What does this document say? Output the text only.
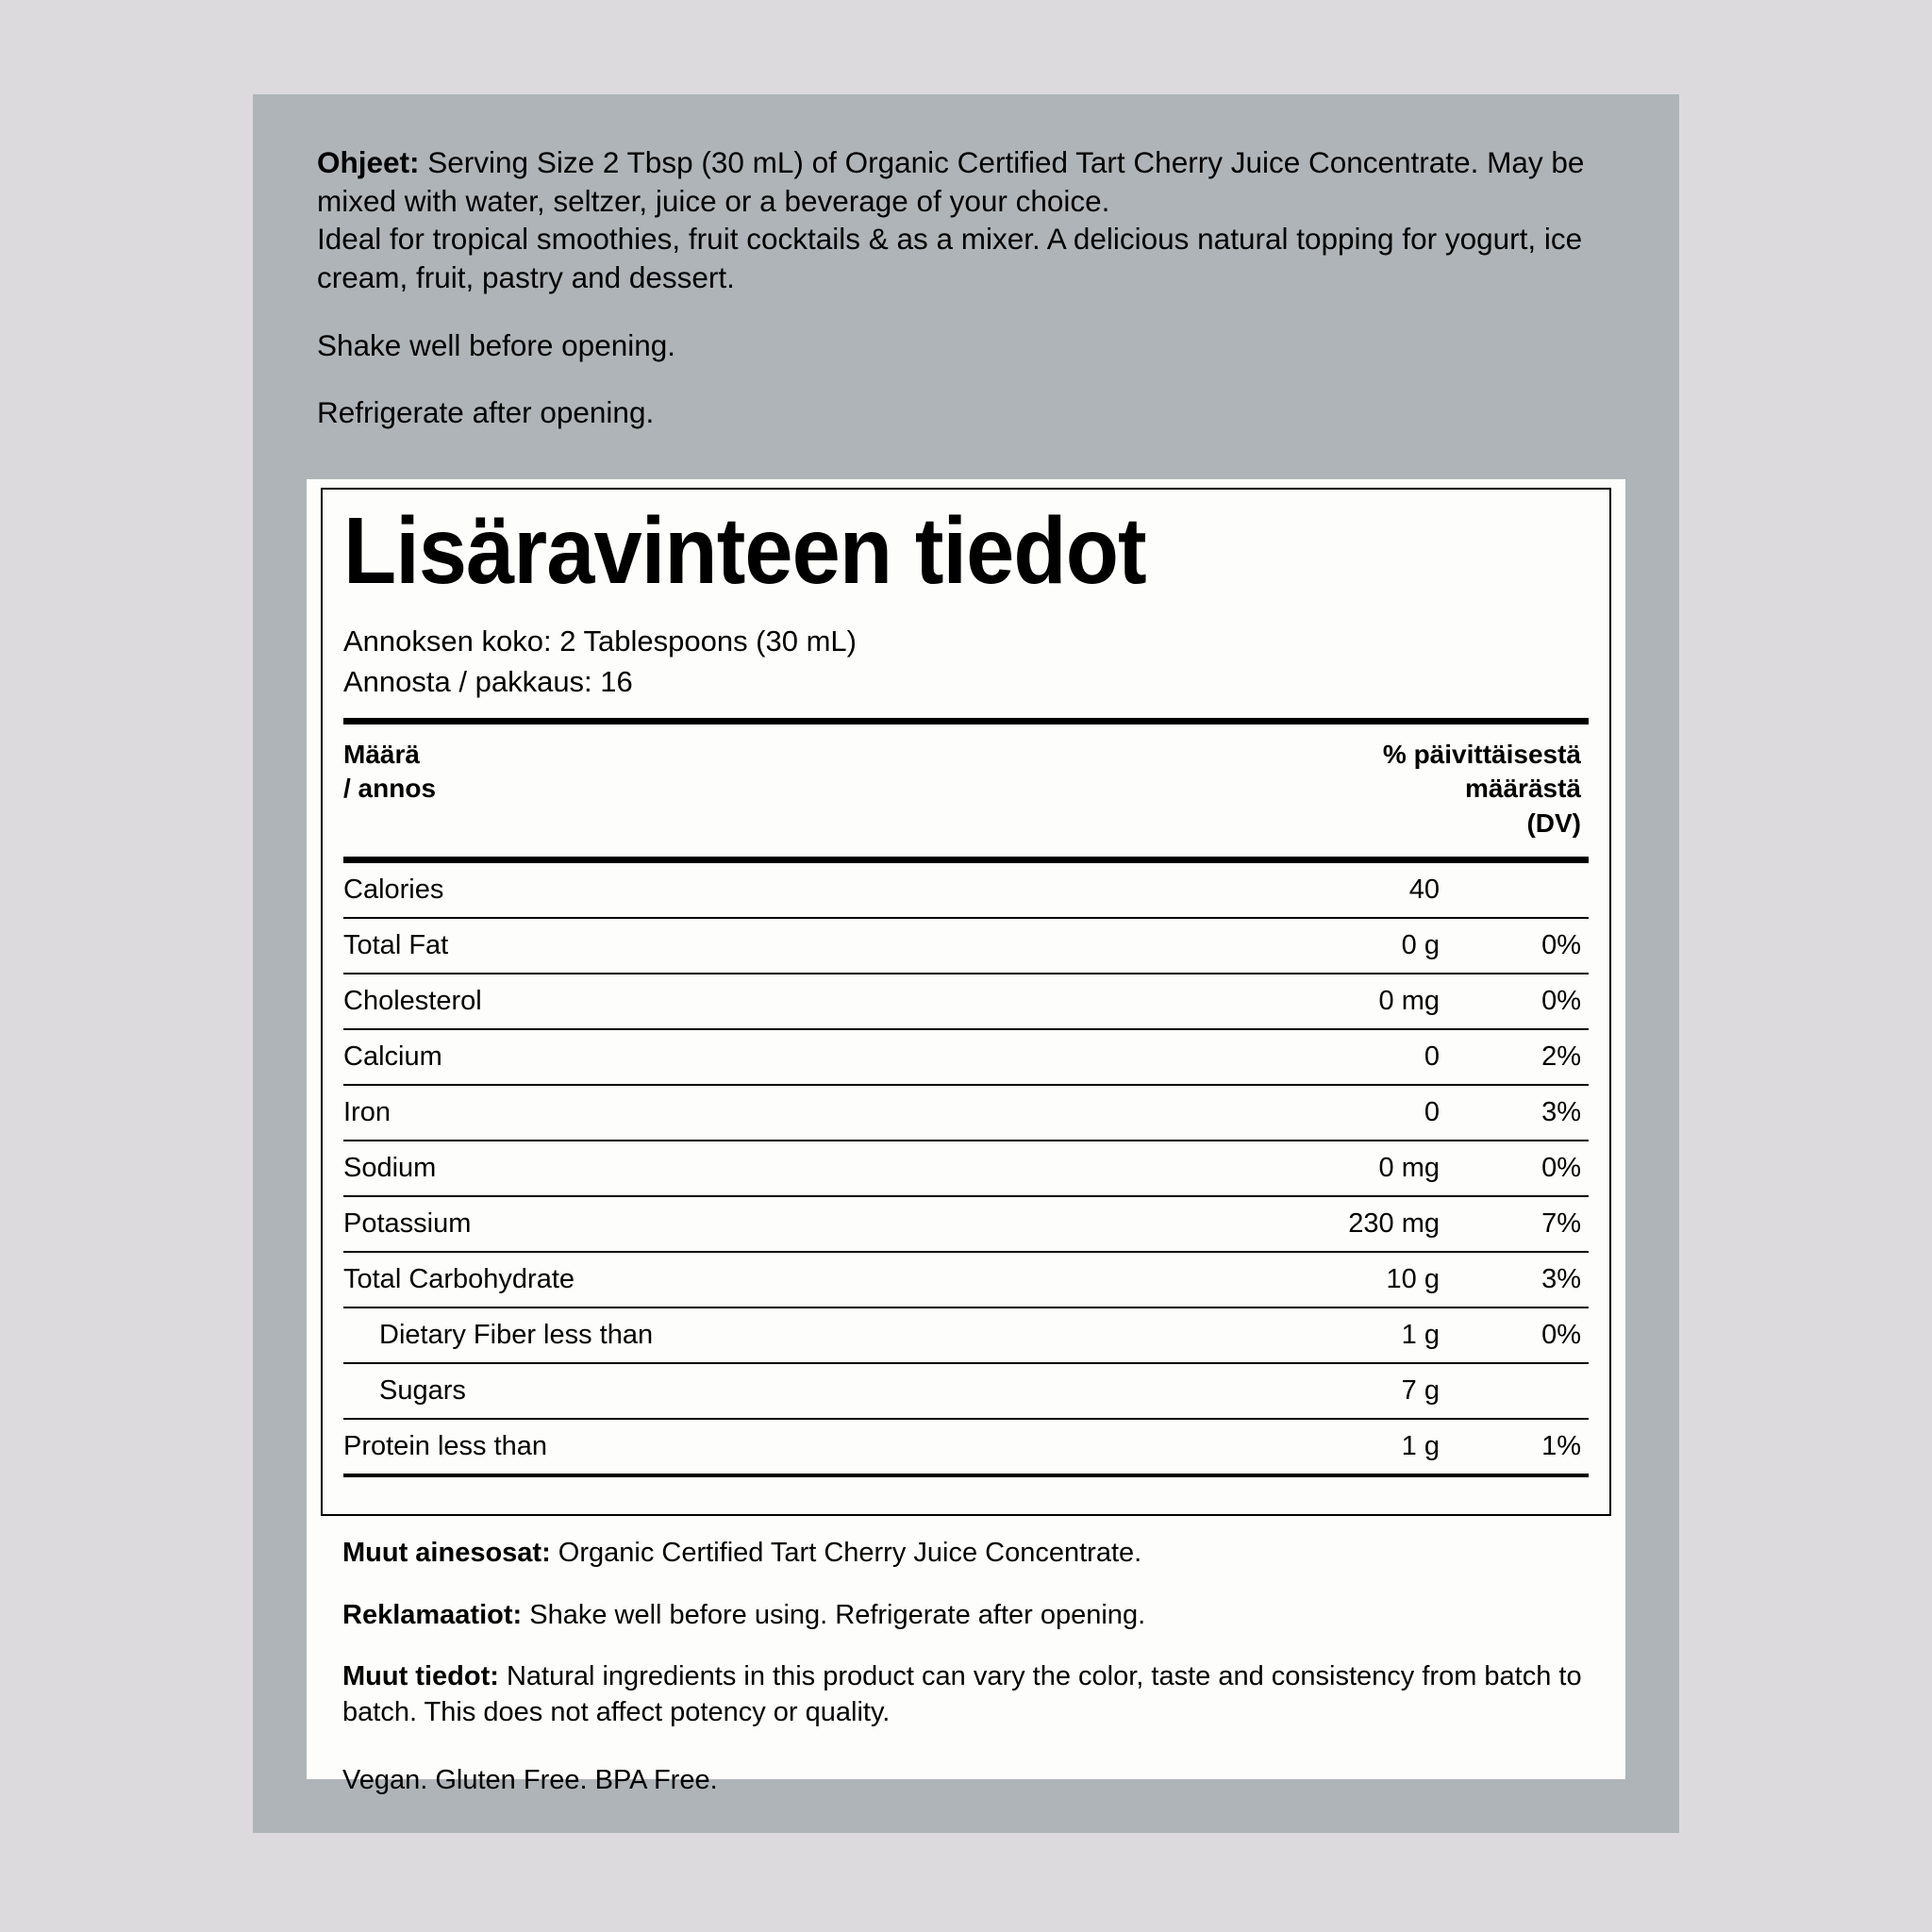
Ohjeet: Serving Size 2 Tbsp (30 mL) of Organic Certified Tart Cherry Juice Concentrate. May be mixed with water, seltzer, juice or a beverage of your choice.

Ideal for tropical smoothies, fruit cocktails & as a mixer. A delicious natural topping for yogurt, ice cream, fruit, pastry and dessert.

Shake well before opening.

Refrigerate after opening.

Lisäravinteen tiedot

Annoksen koko: 2 Tablespoons (30 mL)

Annosta / pakkaus: 16

Määrä
/ annos
% päivittäisestä
määrästä
(DV)
Calories	40
Total Fat	0 g	0%
Cholesterol	0 mg	0%
Calcium	0	2%
Iron	0	3%
Sodium	0 mg	0%
Potassium	230 mg	7%
Total Carbohydrate	10 g	3%
Dietary Fiber less than	1 g	0%
Sugars	7 g
Protein less than	1 g	1%

Muut ainesosat: Organic Certified Tart Cherry Juice Concentrate.

Reklamaatiot: Shake well before using. Refrigerate after opening.

Muut tiedot: Natural ingredients in this product can vary the color, taste and consistency from batch to batch. This does not affect potency or quality.

Vegan. Gluten Free. BPA Free.
